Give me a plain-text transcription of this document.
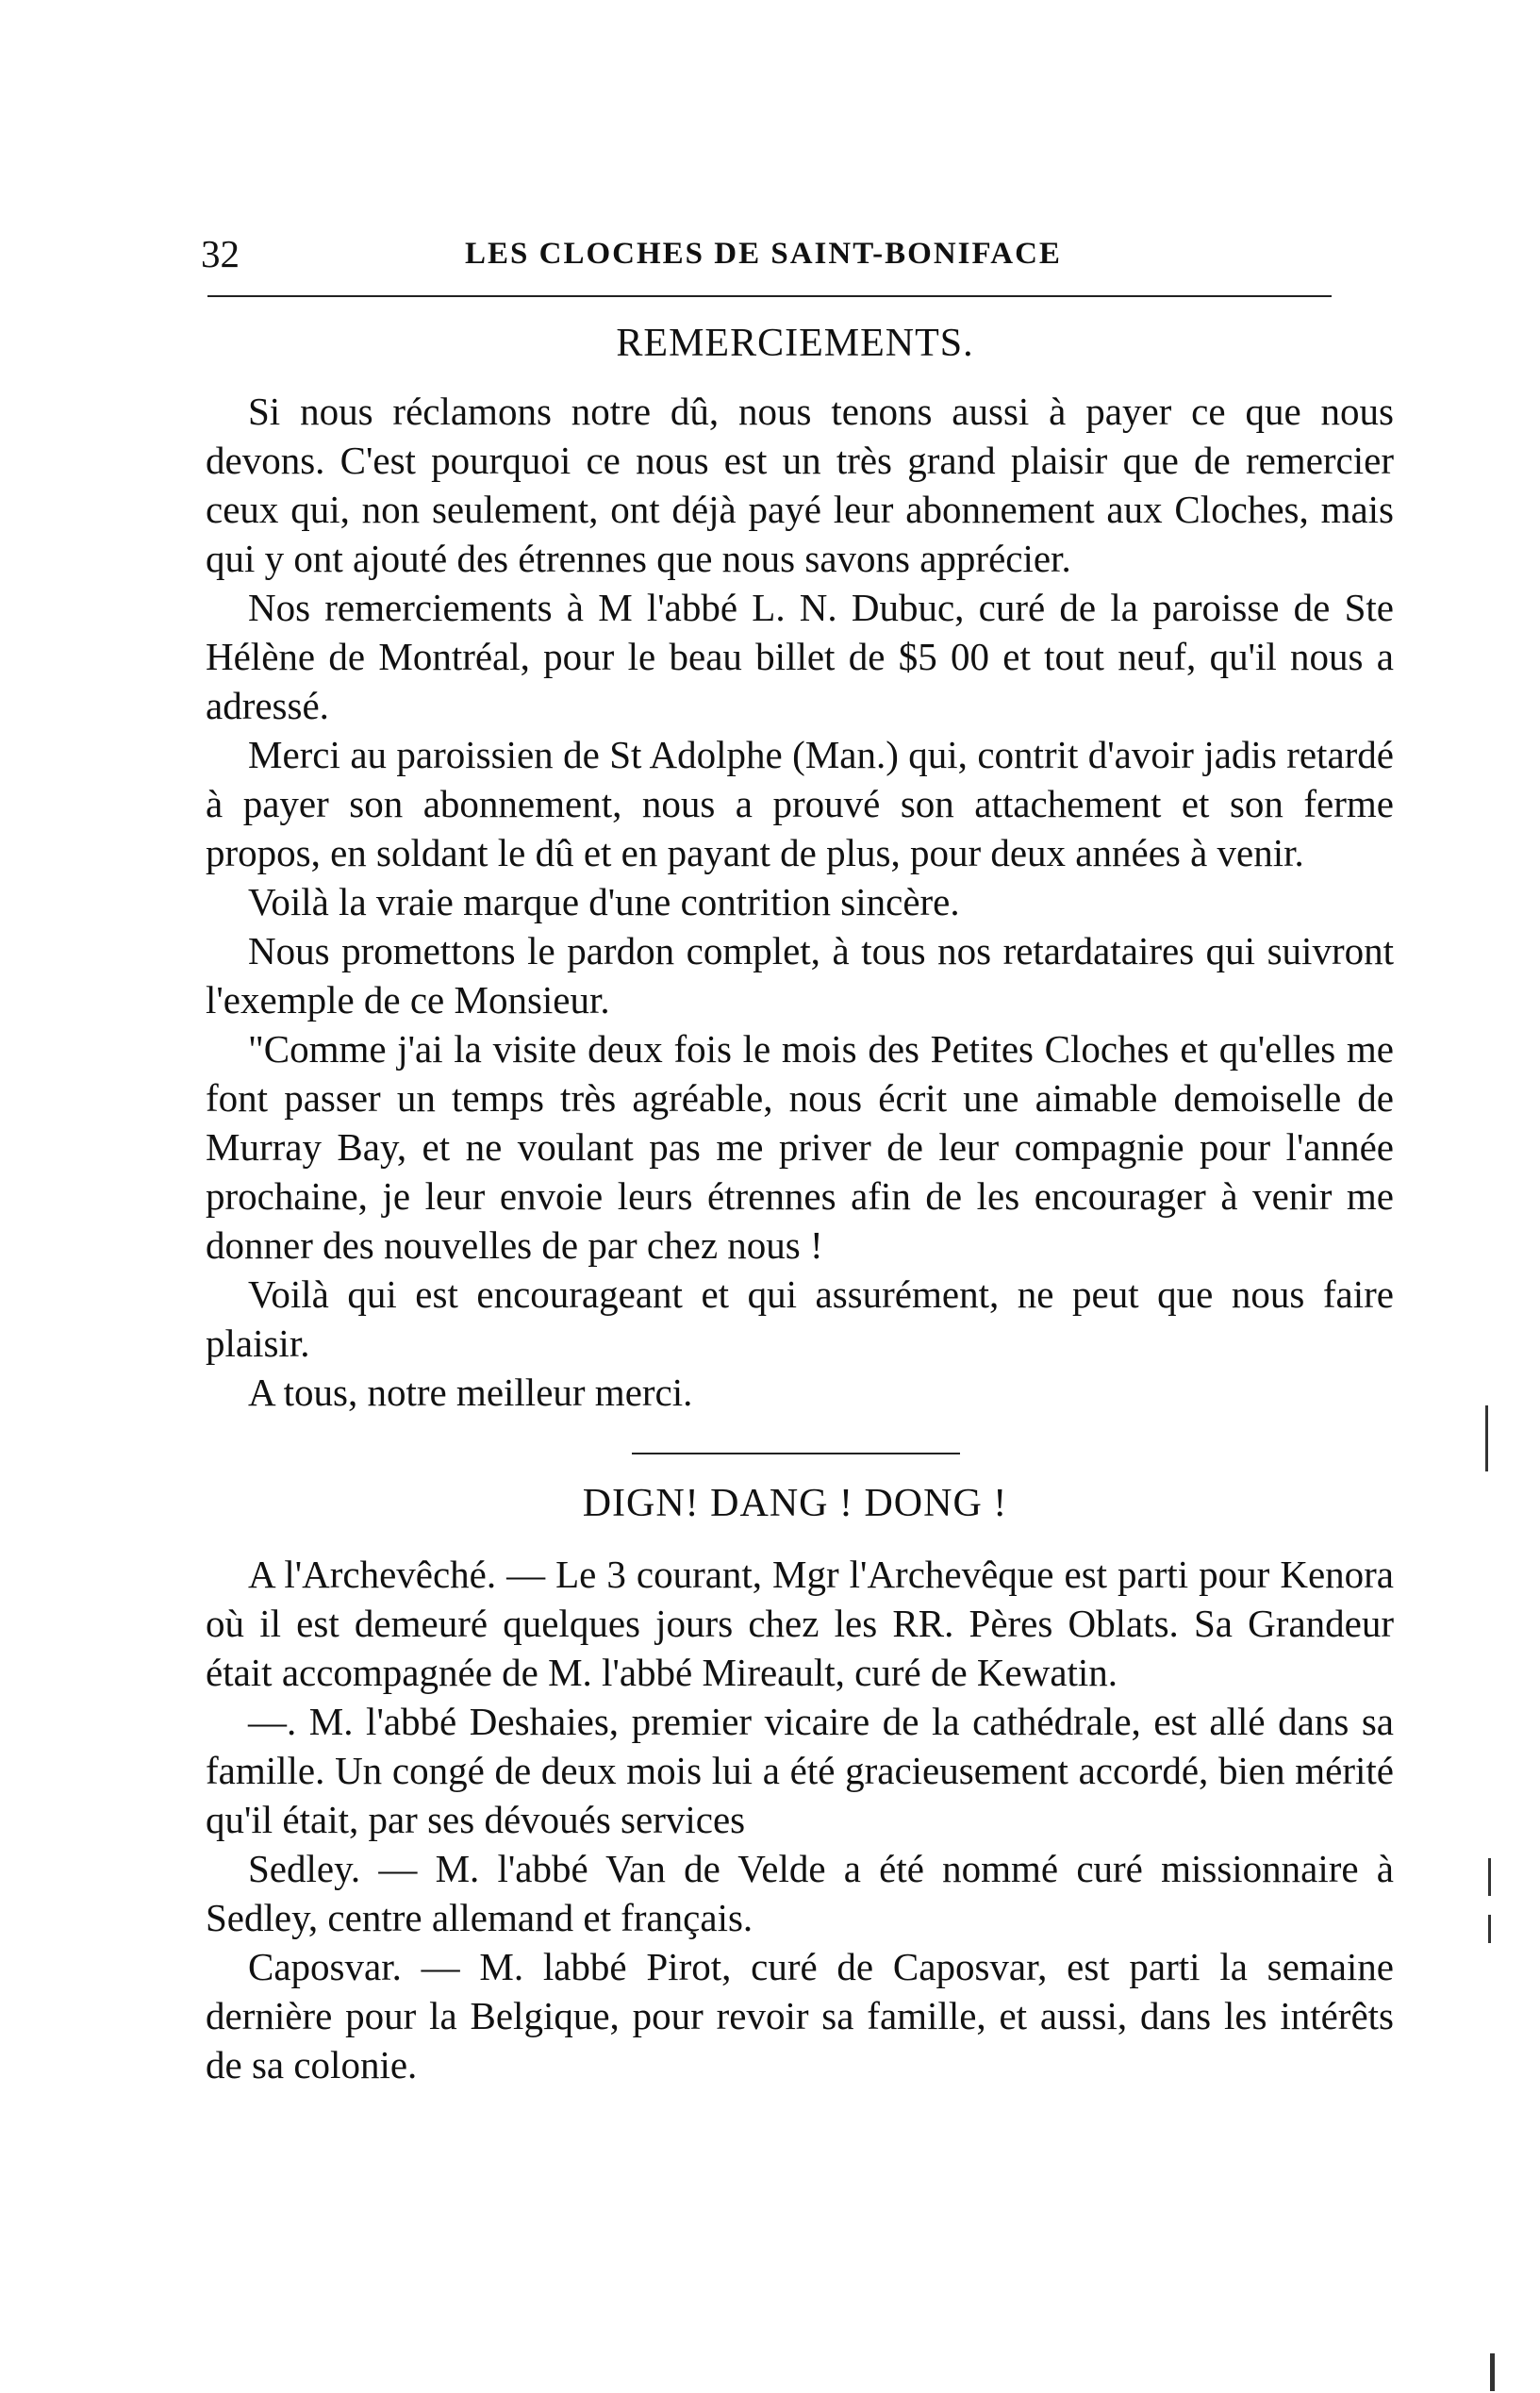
32	LES CLOCHES DE SAINT-BONIFACE
REMERCIEMENTS.

Si nous réclamons notre dû, nous tenons aussi à payer ce que nous devons. C'est pourquoi ce nous est un très grand plaisir que de remercier ceux qui, non seulement, ont déjà payé leur abonnement aux Cloches, mais qui y ont ajouté des étrennes que nous savons apprécier.

Nos remerciements à M l'abbé L. N. Dubuc, curé de la paroisse de Ste Hélène de Montréal, pour le beau billet de $5 00 et tout neuf, qu'il nous a adressé.

Merci au paroissien de St Adolphe (Man.) qui, contrit d'avoir jadis retardé à payer son abonnement, nous a prouvé son attachement et son ferme propos, en soldant le dû et en payant de plus, pour deux années à venir.

Voilà la vraie marque d'une contrition sincère.

Nous promettons le pardon complet, à tous nos retardataires qui suivront l'exemple de ce Monsieur.

"Comme j'ai la visite deux fois le mois des Petites Cloches et qu'elles me font passer un temps très agréable, nous écrit une aimable demoiselle de Murray Bay, et ne voulant pas me priver de leur compagnie pour l'année prochaine, je leur envoie leurs étrennes afin de les encourager à venir me donner des nouvelles de par chez nous !

Voilà qui est encourageant et qui assurément, ne peut que nous faire plaisir.

A tous, notre meilleur merci.

DIGN! DANG ! DONG !

A l'Archevêché. — Le 3 courant, Mgr l'Archevêque est parti pour Kenora où il est demeuré quelques jours chez les RR. Pères Oblats. Sa Grandeur était accompagnée de M. l'abbé Mireault, curé de Kewatin.

—. M. l'abbé Deshaies, premier vicaire de la cathédrale, est allé dans sa famille. Un congé de deux mois lui a été gracieusement accordé, bien mérité qu'il était, par ses dévoués services

Sedley. — M. l'abbé Van de Velde a été nommé curé missionnaire à Sedley, centre allemand et français.

Caposvar. — M. labbé Pirot, curé de Caposvar, est parti la semaine dernière pour la Belgique, pour revoir sa famille, et aussi, dans les intérêts de sa colonie.
